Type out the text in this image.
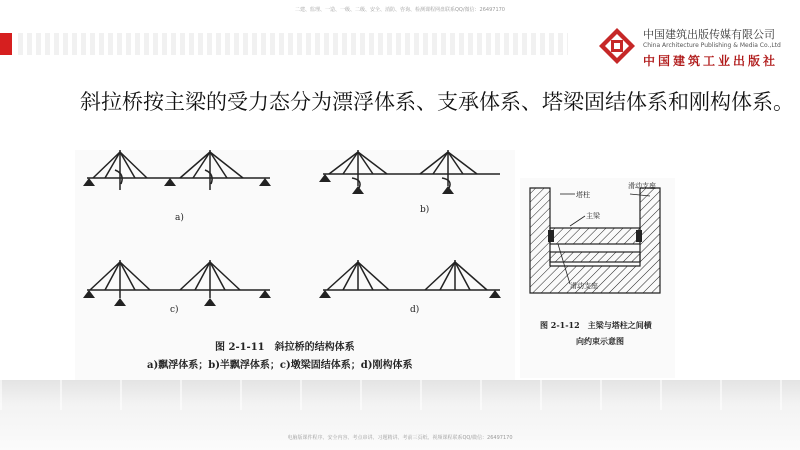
二建、监理、一造、一级、二级、安全、消防、咨询、检测课程网盘联系QQ/微信：26497170
中国建筑出版传媒有限公司
China Architecture Publishing & Media Co.,Ltd
中国建筑工业出版社
斜拉桥按主梁的受力态分为漂浮体系、支承体系、塔梁固结体系和刚构体系。
a)
b)
c)	d)
图 2-1-11　斜拉桥的结构体系
a)飘浮体系；b)半飘浮体系；c)墩梁固结体系；d)刚构体系
塔柱
滑动支座
主梁
滑动支座
图 2-1-12　主梁与塔柱之间横
向约束示意图
电脑版课件程序、安全内容、考点串讲、习题精讲、考前三页纸、视频课程联系QQ/微信：26497170
